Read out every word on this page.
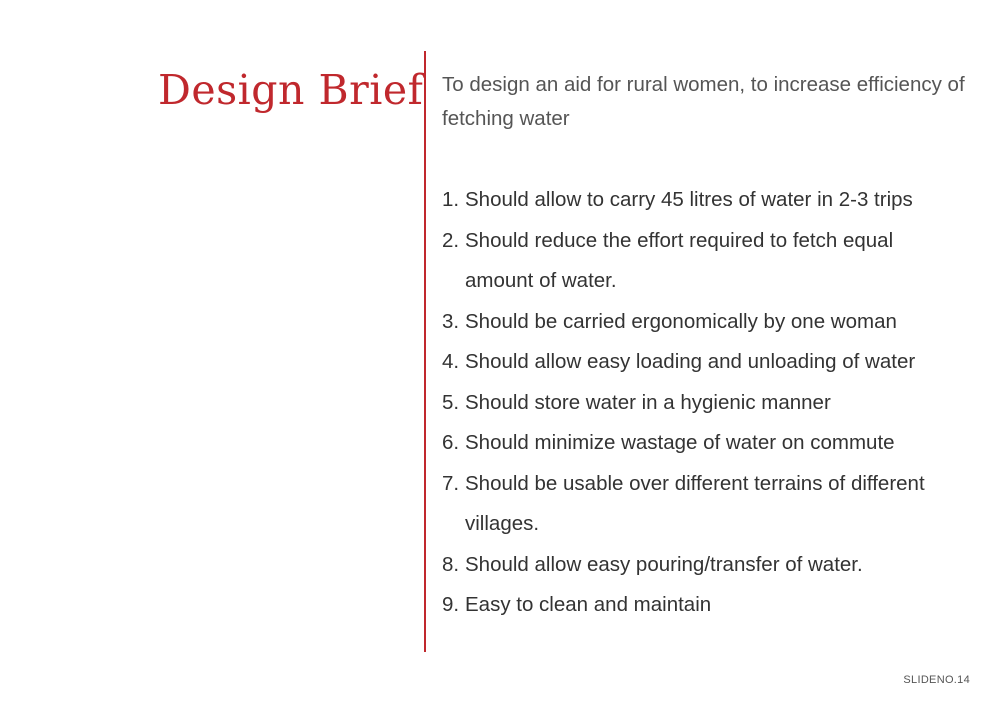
Design Brief To design an aid for rural women, to increase efficiency of fetching water

1. Should allow to carry 45 litres of water in 2-3 trips
2. Should reduce the effort required to fetch equal amount of water.
3. Should be carried ergonomically by one woman
4. Should allow easy loading and unloading of water
5. Should store water in a hygienic manner
6. Should minimize wastage of water on commute
7. Should be usable over different terrains of different villages.
8. Should allow easy pouring/transfer of water.
9. Easy to clean and maintain
SLIDENO.14
